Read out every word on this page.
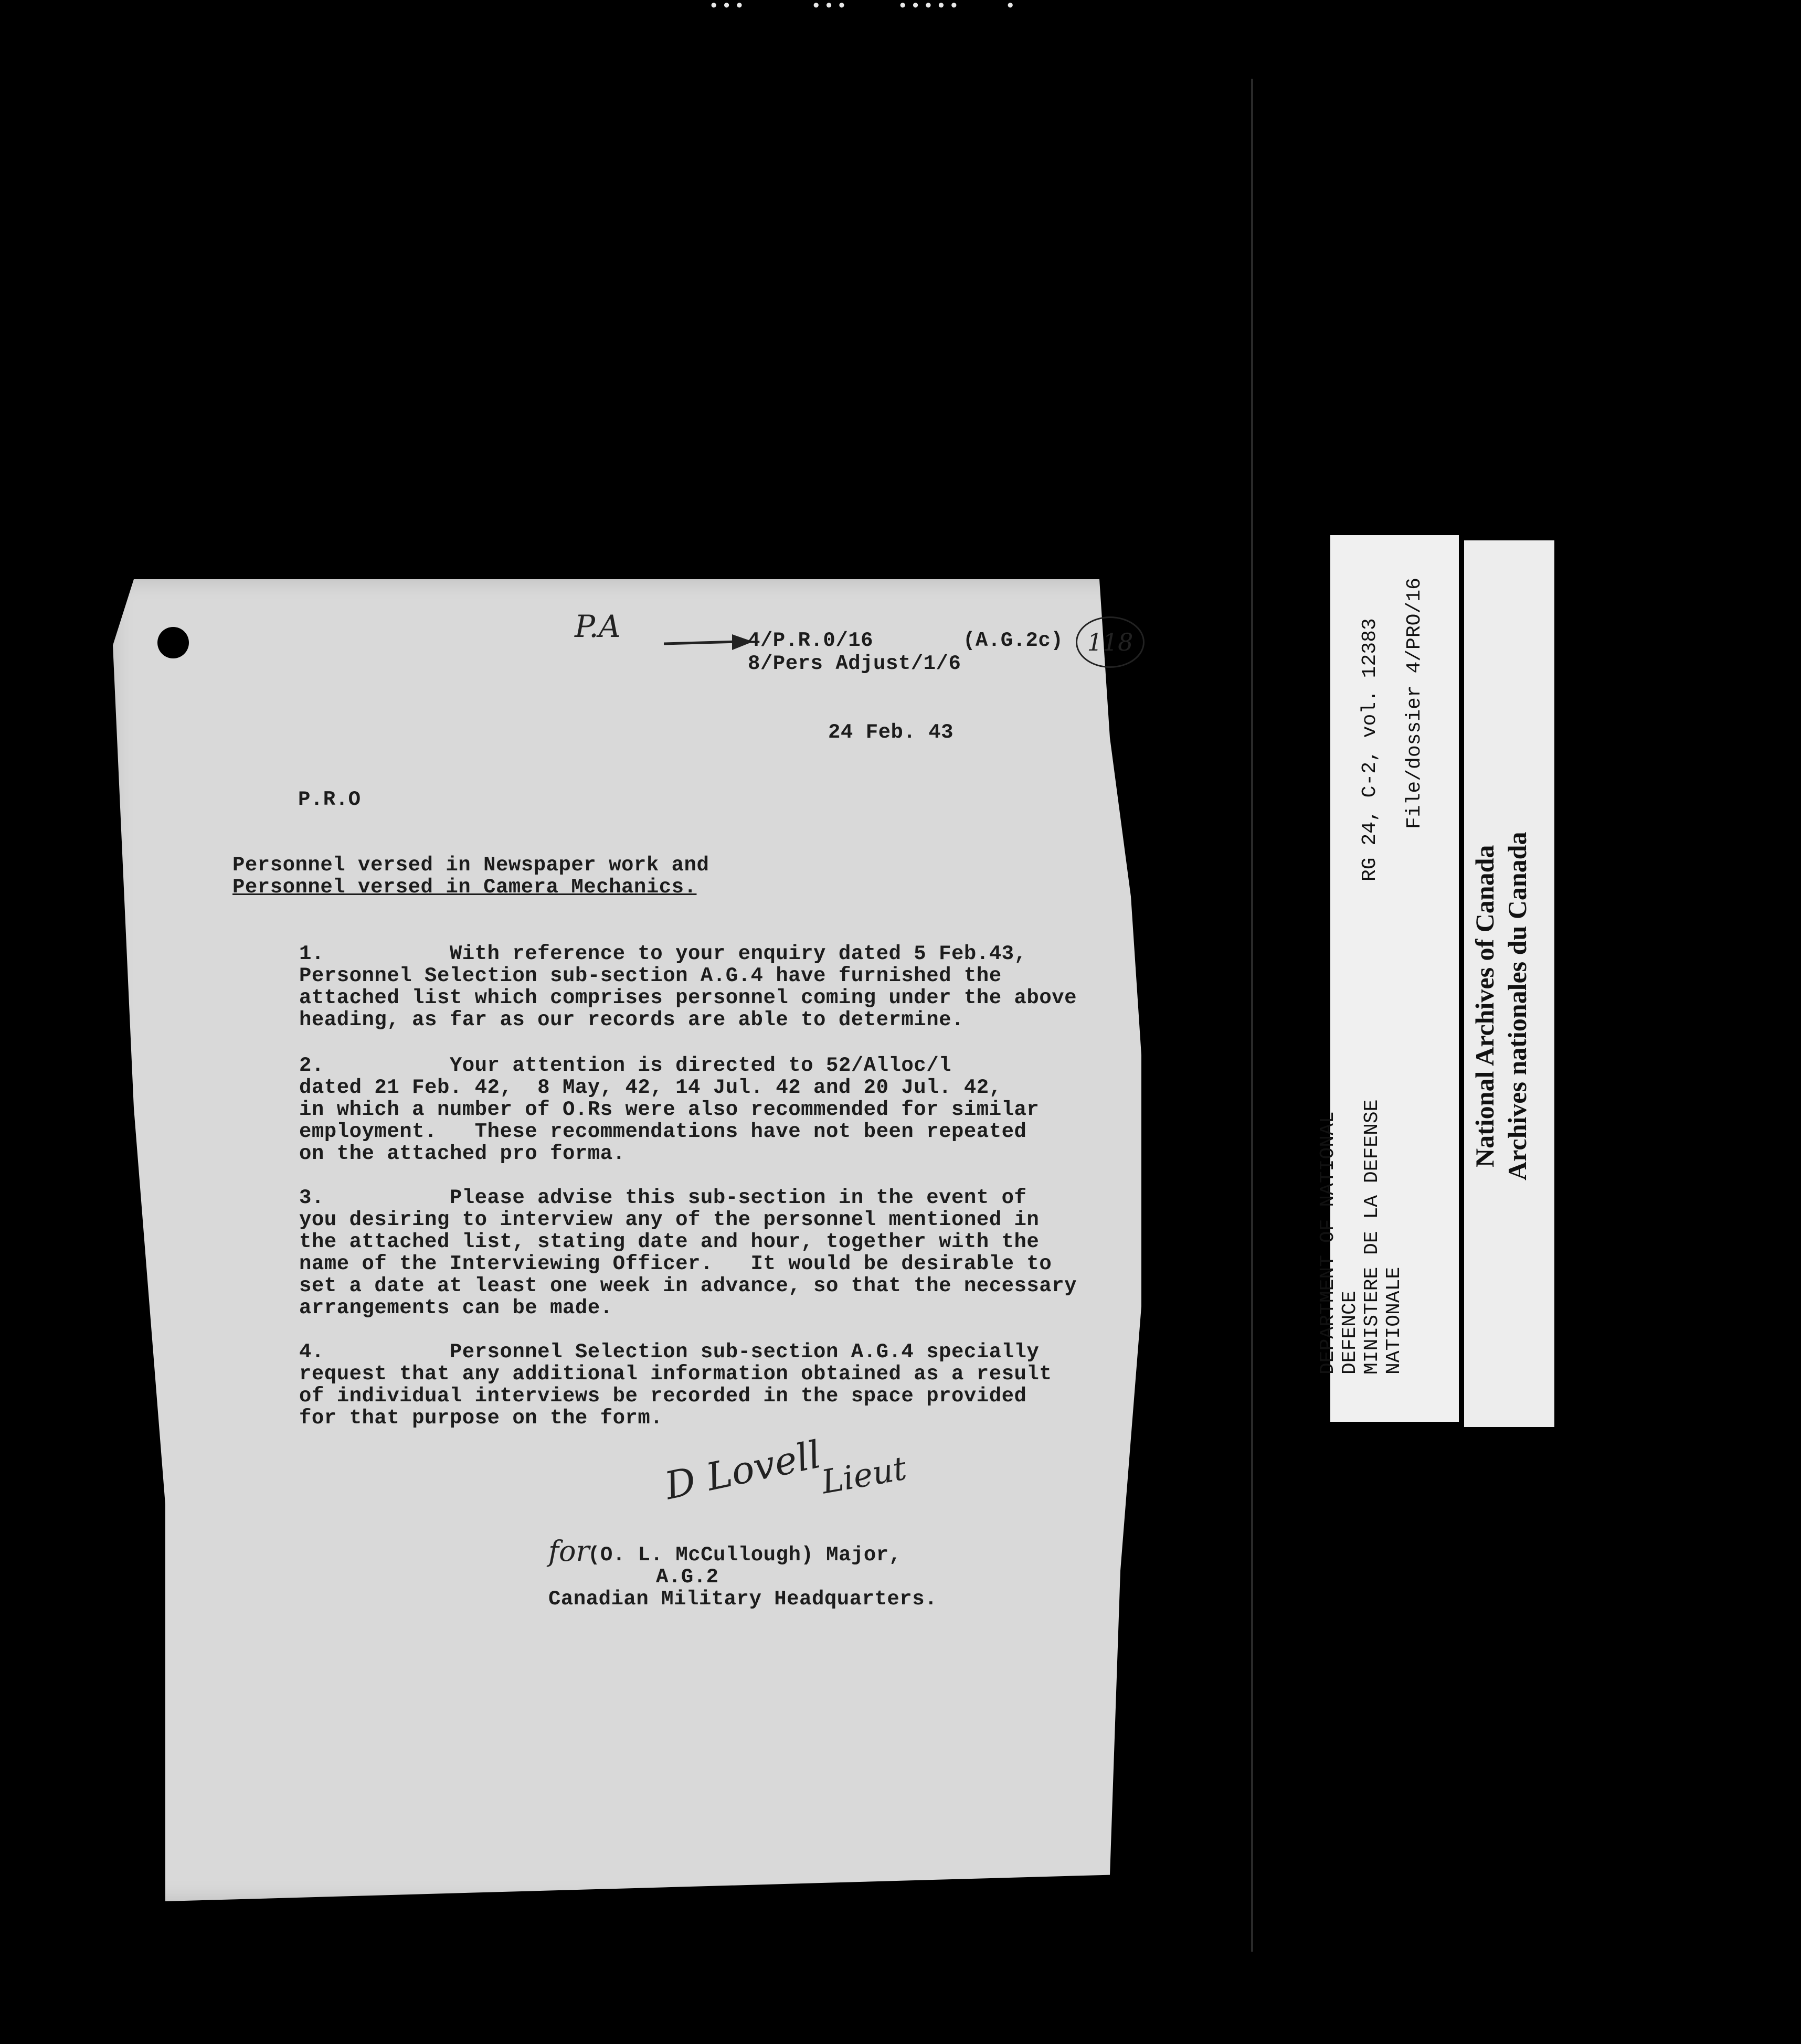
•••	•••	••••• •
P.A	4/P.R.0/16	(A.G.2c)
8/Pers Adjust/1/6
118
24 Feb. 43
P.R.O
Personnel versed in Newspaper work and
Personnel versed in Camera Mechanics.
1.          With reference to your enquiry dated 5 Feb.43,
Personnel Selection sub-section A.G.4 have furnished the
attached list which comprises personnel coming under the above
heading, as far as our records are able to determine.
2.          Your attention is directed to 52/Alloc/l
dated 21 Feb. 42,  8 May, 42, 14 Jul. 42 and 20 Jul. 42,
in which a number of O.Rs were also recommended for similar
employment.   These recommendations have not been repeated
on the attached pro forma.
3.          Please advise this sub-section in the event of
you desiring to interview any of the personnel mentioned in
the attached list, stating date and hour, together with the
name of the Interviewing Officer.   It would be desirable to
set a date at least one week in advance, so that the necessary
arrangements can be made.
4.          Personnel Selection sub-section A.G.4 specially
request that any additional information obtained as a result
of individual interviews be recorded in the space provided
for that purpose on the form.
D Lovell
Lieut
for
(O. L. McCullough) Major,
A.G.2
Canadian Military Headquarters.
RG 24, C-2, vol. 12383 File/dossier 4/PRO/16
DEPARTMENT OF NATIONAL DEFENCE MINISTERE DE LA DEFENSE NATIONALE
National Archives of Canada Archives nationales du Canada
